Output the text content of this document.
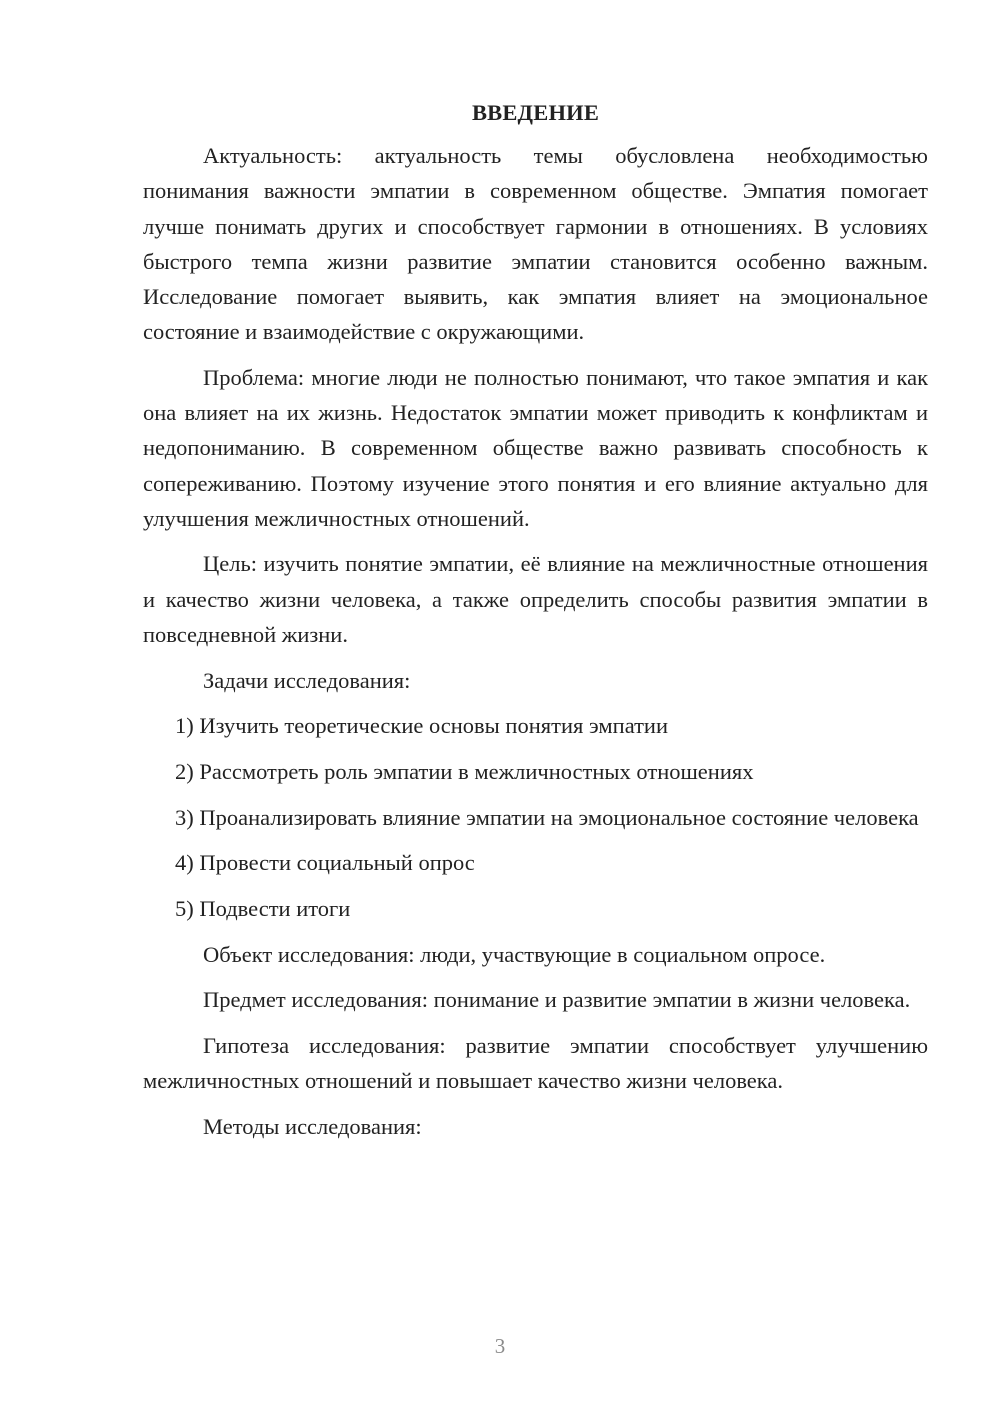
ВВЕДЕНИЕ

Актуальность: актуальность темы обусловлена необходимостью понимания важности эмпатии в современном обществе. Эмпатия помогает лучше понимать других и способствует гармонии в отношениях. В условиях быстрого темпа жизни развитие эмпатии становится особенно важным. Исследование помогает выявить, как эмпатия влияет на эмоциональное состояние и взаимодействие с окружающими.

Проблема: многие люди не полностью понимают, что такое эмпатия и как она влияет на их жизнь. Недостаток эмпатии может приводить к конфликтам и недопониманию. В современном обществе важно развивать способность к сопереживанию. Поэтому изучение этого понятия и его влияние актуально для улучшения межличностных отношений.

Цель: изучить понятие эмпатии, её влияние на межличностные отношения и качество жизни человека, а также определить способы развития эмпатии в повседневной жизни.

Задачи исследования:

1) Изучить теоретические основы понятия эмпатии

2) Рассмотреть роль эмпатии в межличностных отношениях

3) Проанализировать влияние эмпатии на эмоциональное состояние человека

4) Провести социальный опрос

5) Подвести итоги

Объект исследования: люди, участвующие в социальном опросе.

Предмет исследования: понимание и развитие эмпатии в жизни человека.

Гипотеза исследования: развитие эмпатии способствует улучшению межличностных отношений и повышает качество жизни человека.

Методы исследования:

3
